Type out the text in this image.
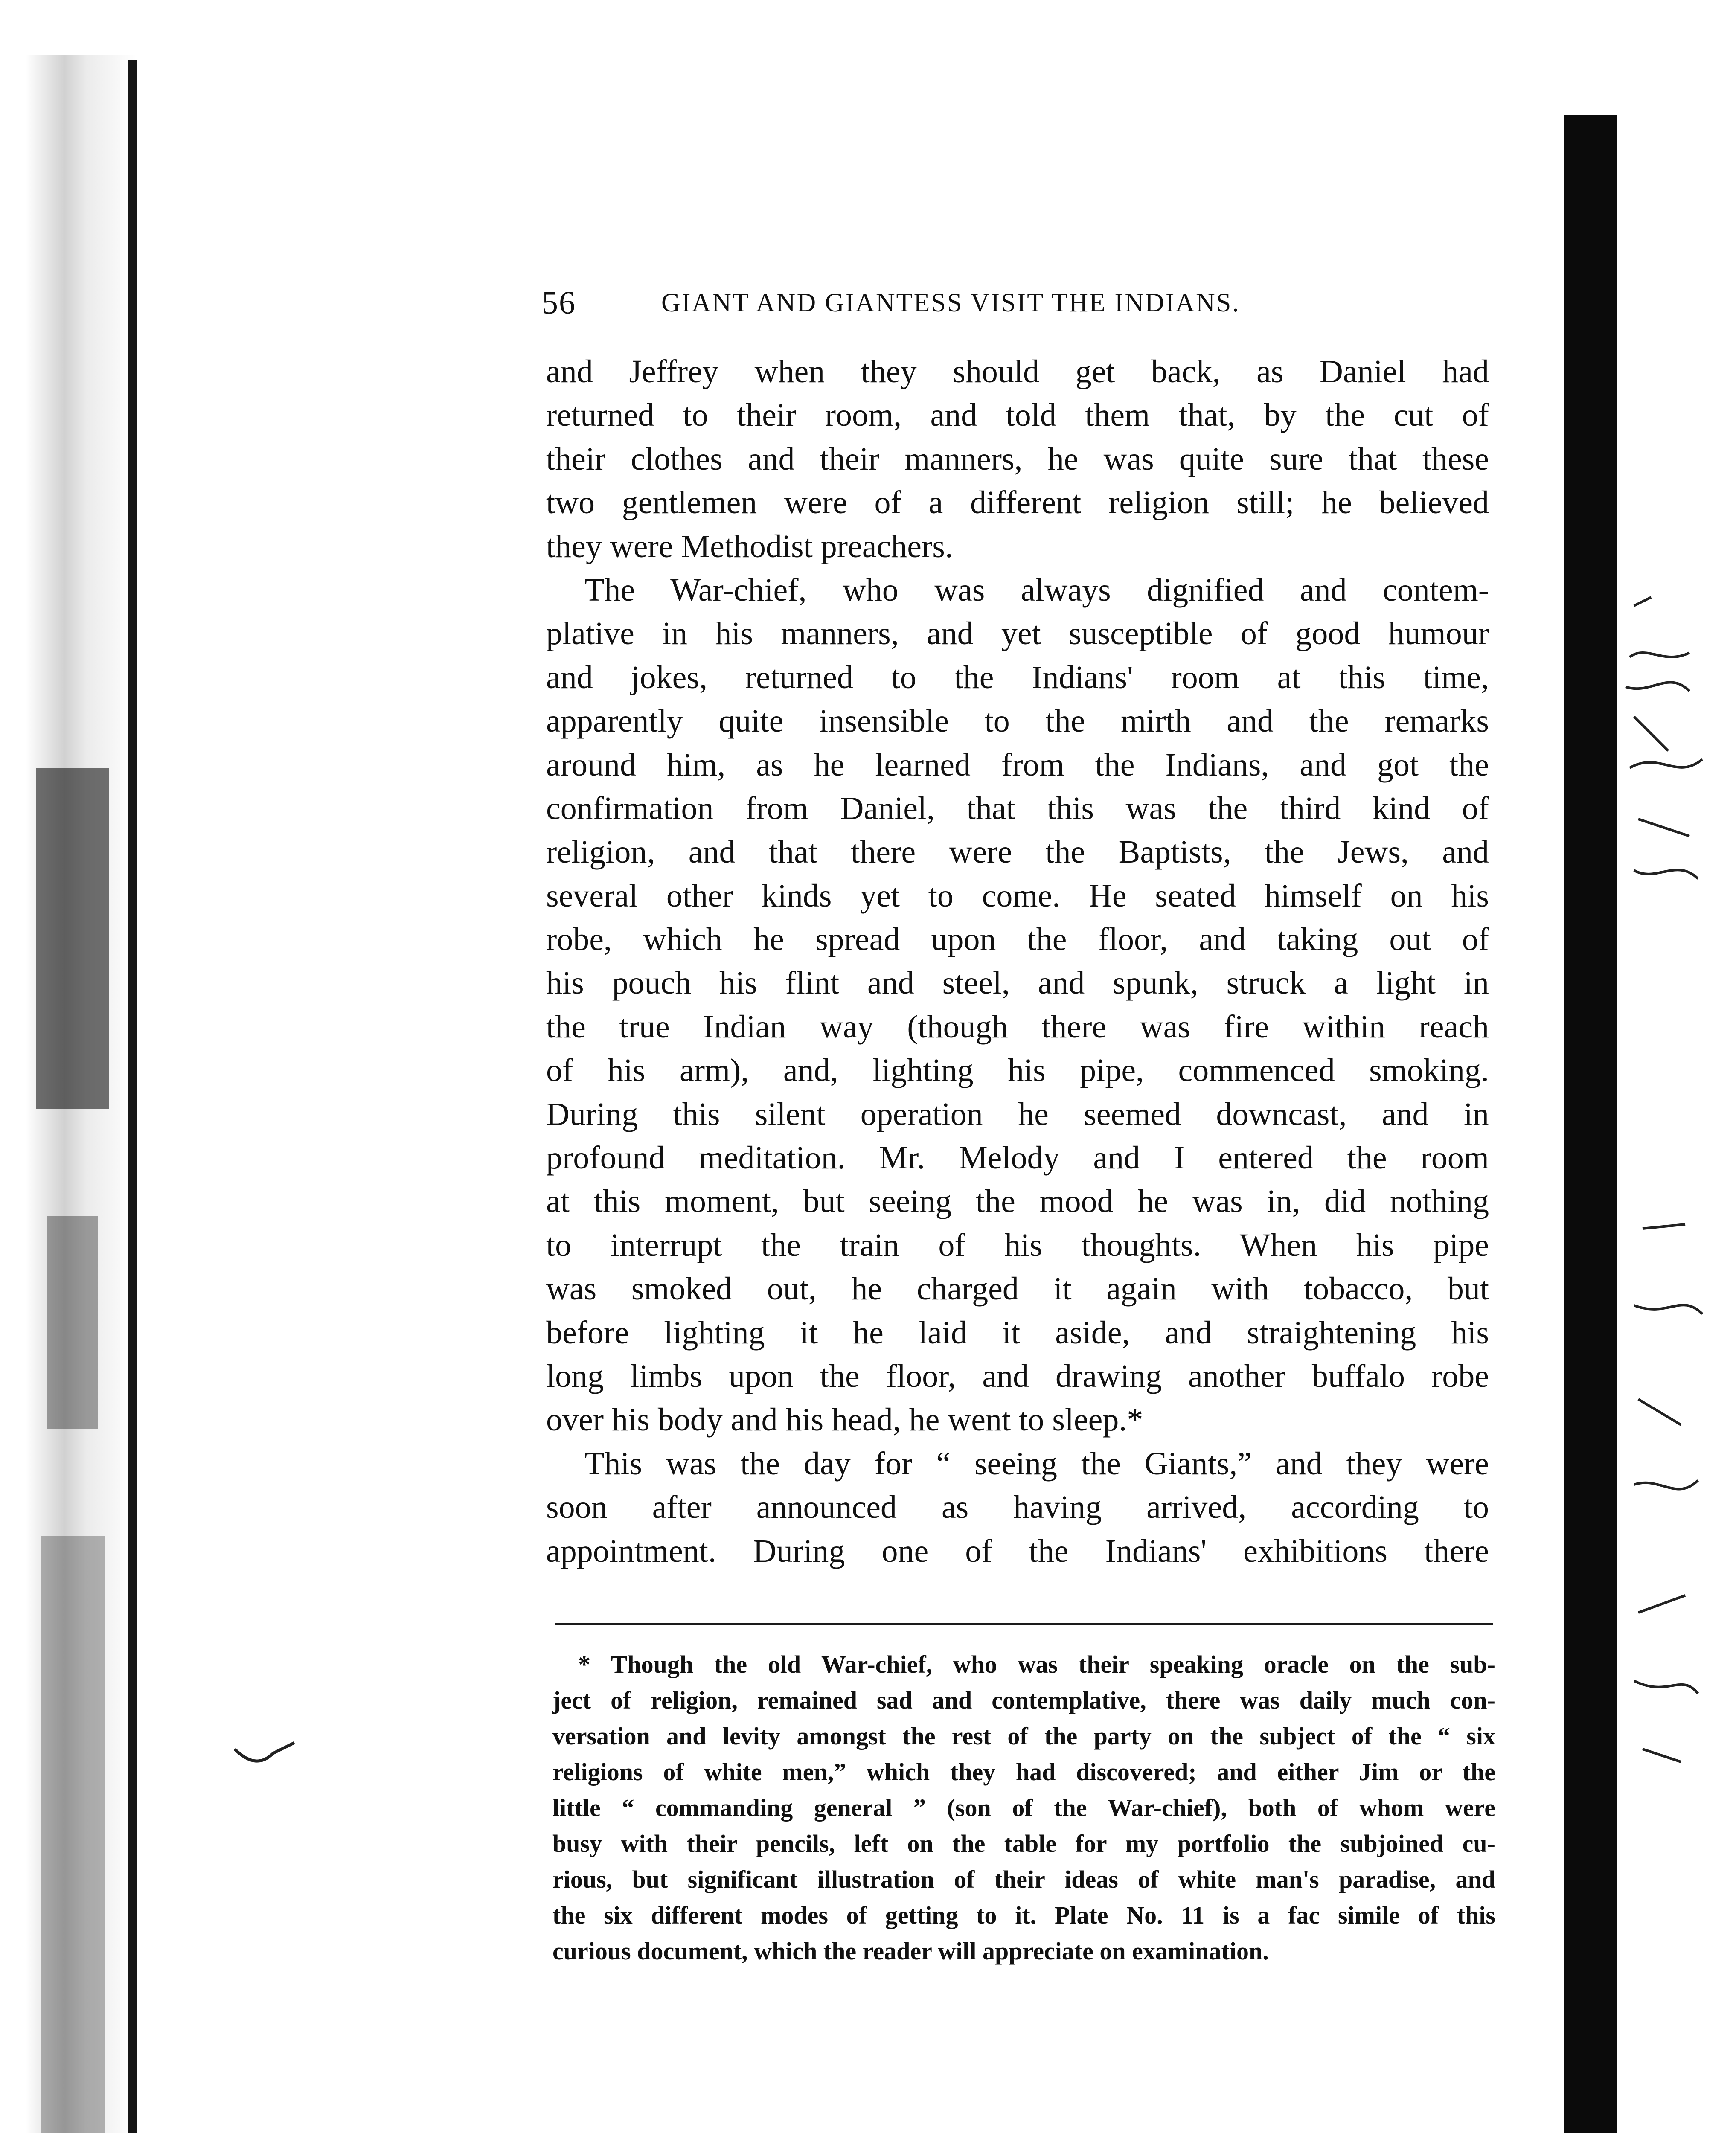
56	GIANT AND GIANTESS VISIT THE INDIANS.
and Jeffrey when they should get back, as Daniel had
returned to their room, and told them that, by the cut of
their clothes and their manners, he was quite sure that these
two gentlemen were of a different religion still; he believed
they were Methodist preachers.
The War-chief, who was always dignified and contem-
plative in his manners, and yet susceptible of good humour
and jokes, returned to the Indians' room at this time,
apparently quite insensible to the mirth and the remarks
around him, as he learned from the Indians, and got the
confirmation from Daniel, that this was the third kind of
religion, and that there were the Baptists, the Jews, and
several other kinds yet to come. He seated himself on his
robe, which he spread upon the floor, and taking out of
his pouch his flint and steel, and spunk, struck a light in
the true Indian way (though there was fire within reach
of his arm), and, lighting his pipe, commenced smoking.
During this silent operation he seemed downcast, and in
profound meditation. Mr. Melody and I entered the room
at this moment, but seeing the mood he was in, did nothing
to interrupt the train of his thoughts. When his pipe
was smoked out, he charged it again with tobacco, but
before lighting it he laid it aside, and straightening his
long limbs upon the floor, and drawing another buffalo robe
over his body and his head, he went to sleep.*
This was the day for “ seeing the Giants,” and they were
soon after announced as having arrived, according to
appointment. During one of the Indians' exhibitions there
* Though the old War-chief, who was their speaking oracle on the sub-
ject of religion, remained sad and contemplative, there was daily much con-
versation and levity amongst the rest of the party on the subject of the “ six
religions of white men,” which they had discovered; and either Jim or the
little “ commanding general ” (son of the War-chief), both of whom were
busy with their pencils, left on the table for my portfolio the subjoined cu-
rious, but significant illustration of their ideas of white man's paradise, and
the six different modes of getting to it. Plate No. 11 is a fac simile of this
curious document, which the reader will appreciate on examination.
